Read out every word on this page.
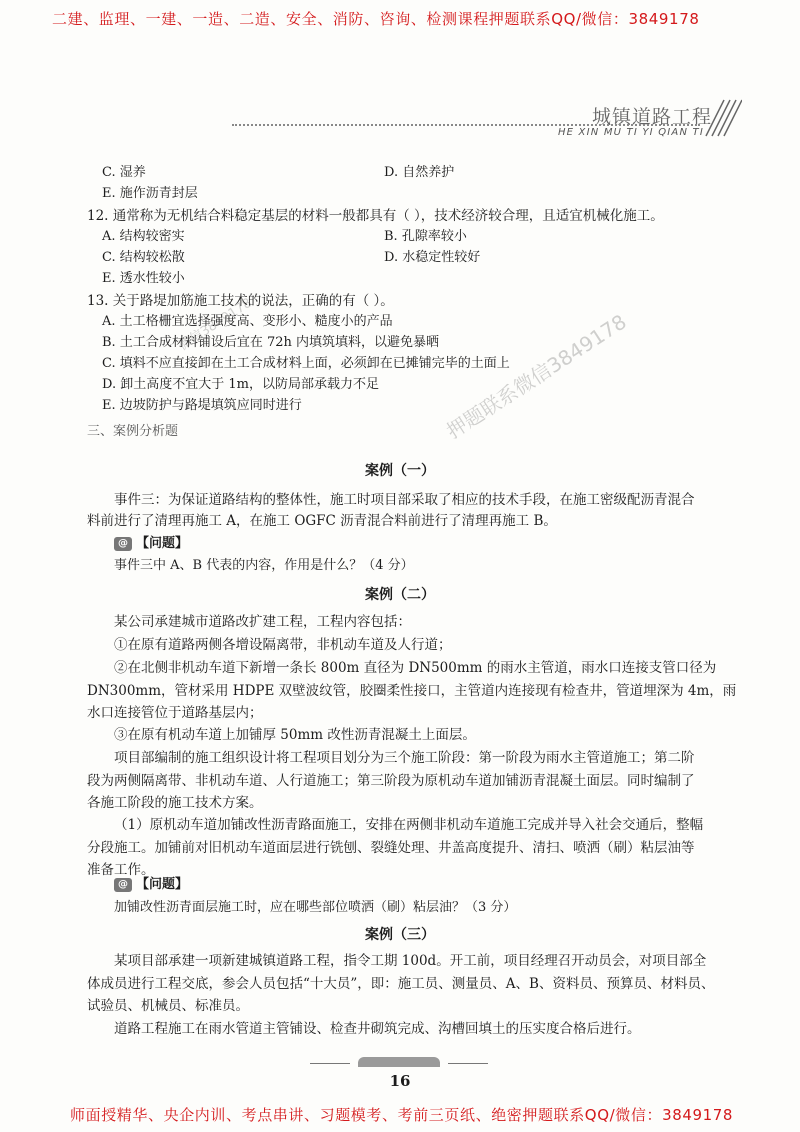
二建、监理、一建、一造、二造、安全、消防、咨询、检测课程押题联系QQ/微信：3849178
城镇道路工程
HE XIN MU TI YI QIAN TI
微信3849178	押题联系微信3849178
C. 湿养	D. 自然养护
E. 施作沥青封层
12. 通常称为无机结合料稳定基层的材料一般都具有（ ），技术经济较合理，且适宜机械化施工。
A. 结构较密实	B. 孔隙率较小
C. 结构较松散	D. 水稳定性较好
E. 透水性较小
13. 关于路堤加筋施工技术的说法，正确的有（ ）。
A. 土工格栅宜选择强度高、变形小、糙度小的产品
B. 土工合成材料铺设后宜在 72h 内填筑填料，以避免暴晒
C. 填料不应直接卸在土工合成材料上面，必须卸在已摊铺完毕的土面上
D. 卸土高度不宜大于 1m，以防局部承载力不足
E. 边坡防护与路堤填筑应同时进行
三、案例分析题
案例（一）
事件三：为保证道路结构的整体性，施工时项目部采取了相应的技术手段，在施工密级配沥青混合
料前进行了清理再施工 A，在施工 OGFC 沥青混合料前进行了清理再施工 B。
@ 【问题】
事件三中 A、B 代表的内容，作用是什么？（4 分）
案例（二）
某公司承建城市道路改扩建工程，工程内容包括：
①在原有道路两侧各增设隔离带，非机动车道及人行道；
②在北侧非机动车道下新增一条长 800m 直径为 DN500mm 的雨水主管道，雨水口连接支管口径为
DN300mm，管材采用 HDPE 双壁波纹管，胶圈柔性接口，主管道内连接现有检查井，管道埋深为 4m，雨
水口连接管位于道路基层内；
③在原有机动车道上加铺厚 50mm 改性沥青混凝土上面层。
项目部编制的施工组织设计将工程项目划分为三个施工阶段：第一阶段为雨水主管道施工；第二阶
段为两侧隔离带、非机动车道、人行道施工；第三阶段为原机动车道加铺沥青混凝土面层。同时编制了
各施工阶段的施工技术方案。
（1）原机动车道加铺改性沥青路面施工，安排在两侧非机动车道施工完成并导入社会交通后，整幅
分段施工。加铺前对旧机动车道面层进行铣刨、裂缝处理、井盖高度提升、清扫、喷洒（刷）粘层油等
准备工作。
@ 【问题】
加铺改性沥青面层施工时，应在哪些部位喷洒（刷）粘层油？（3 分）
案例（三）
某项目部承建一项新建城镇道路工程，指令工期 100d。开工前，项目经理召开动员会，对项目部全
体成员进行工程交底，参会人员包括“十大员”，即：施工员、测量员、A、B、资料员、预算员、材料员、
试验员、机械员、标准员。
道路工程施工在雨水管道主管铺设、检查井砌筑完成、沟槽回填土的压实度合格后进行。
16
师面授精华、央企内训、考点串讲、习题模考、考前三页纸、绝密押题联系QQ/微信：3849178
